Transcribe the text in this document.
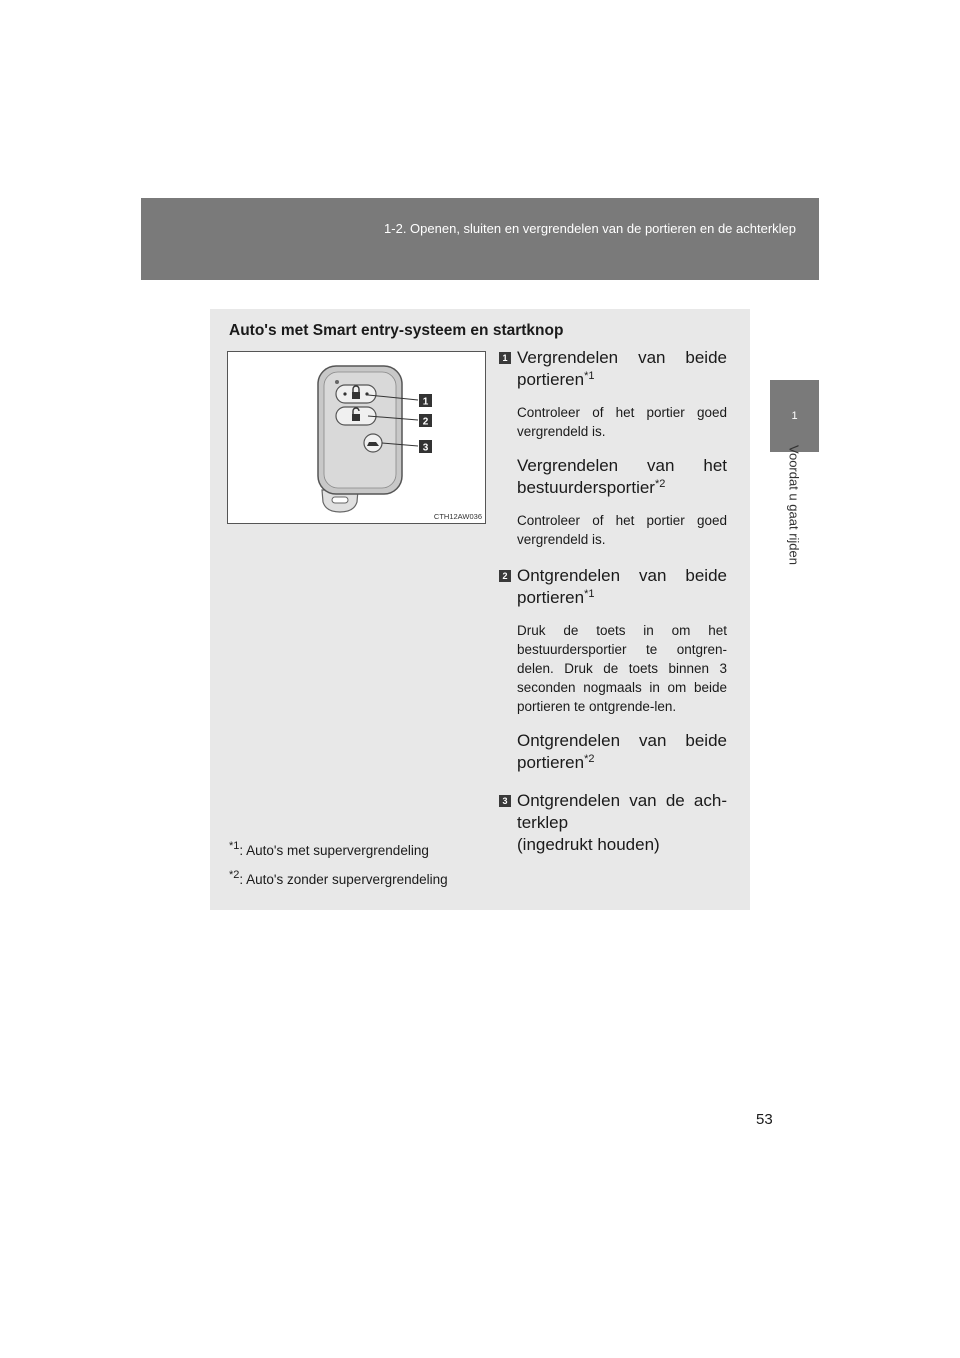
1-2. Openen, sluiten en vergrendelen van de portieren en de achterklep
1
Voordat u gaat rijden
Auto's met Smart entry-systeem en startknop
1
2
3
CTH12AW036
1 Vergrendelen van beide portieren$^{*1}$
Controleer of het portier goed vergrendeld is.
Vergrendelen van het bestuurdersportier$^{*2}$
Controleer of het portier goed vergrendeld is.
2 Ontgrendelen van beide portieren$^{*1}$
Druk de toets in om het bestuurdersportier te ontgren-delen. Druk de toets binnen 3 seconden nogmaals in om beide portieren te ontgrende-len.
Ontgrendelen van beide portieren$^{*2}$
3 Ontgrendelen van de ach-terklep
(ingedrukt houden)
$^{*1}$: Auto's met supervergrendeling
$^{*2}$: Auto's zonder supervergrendeling
53
